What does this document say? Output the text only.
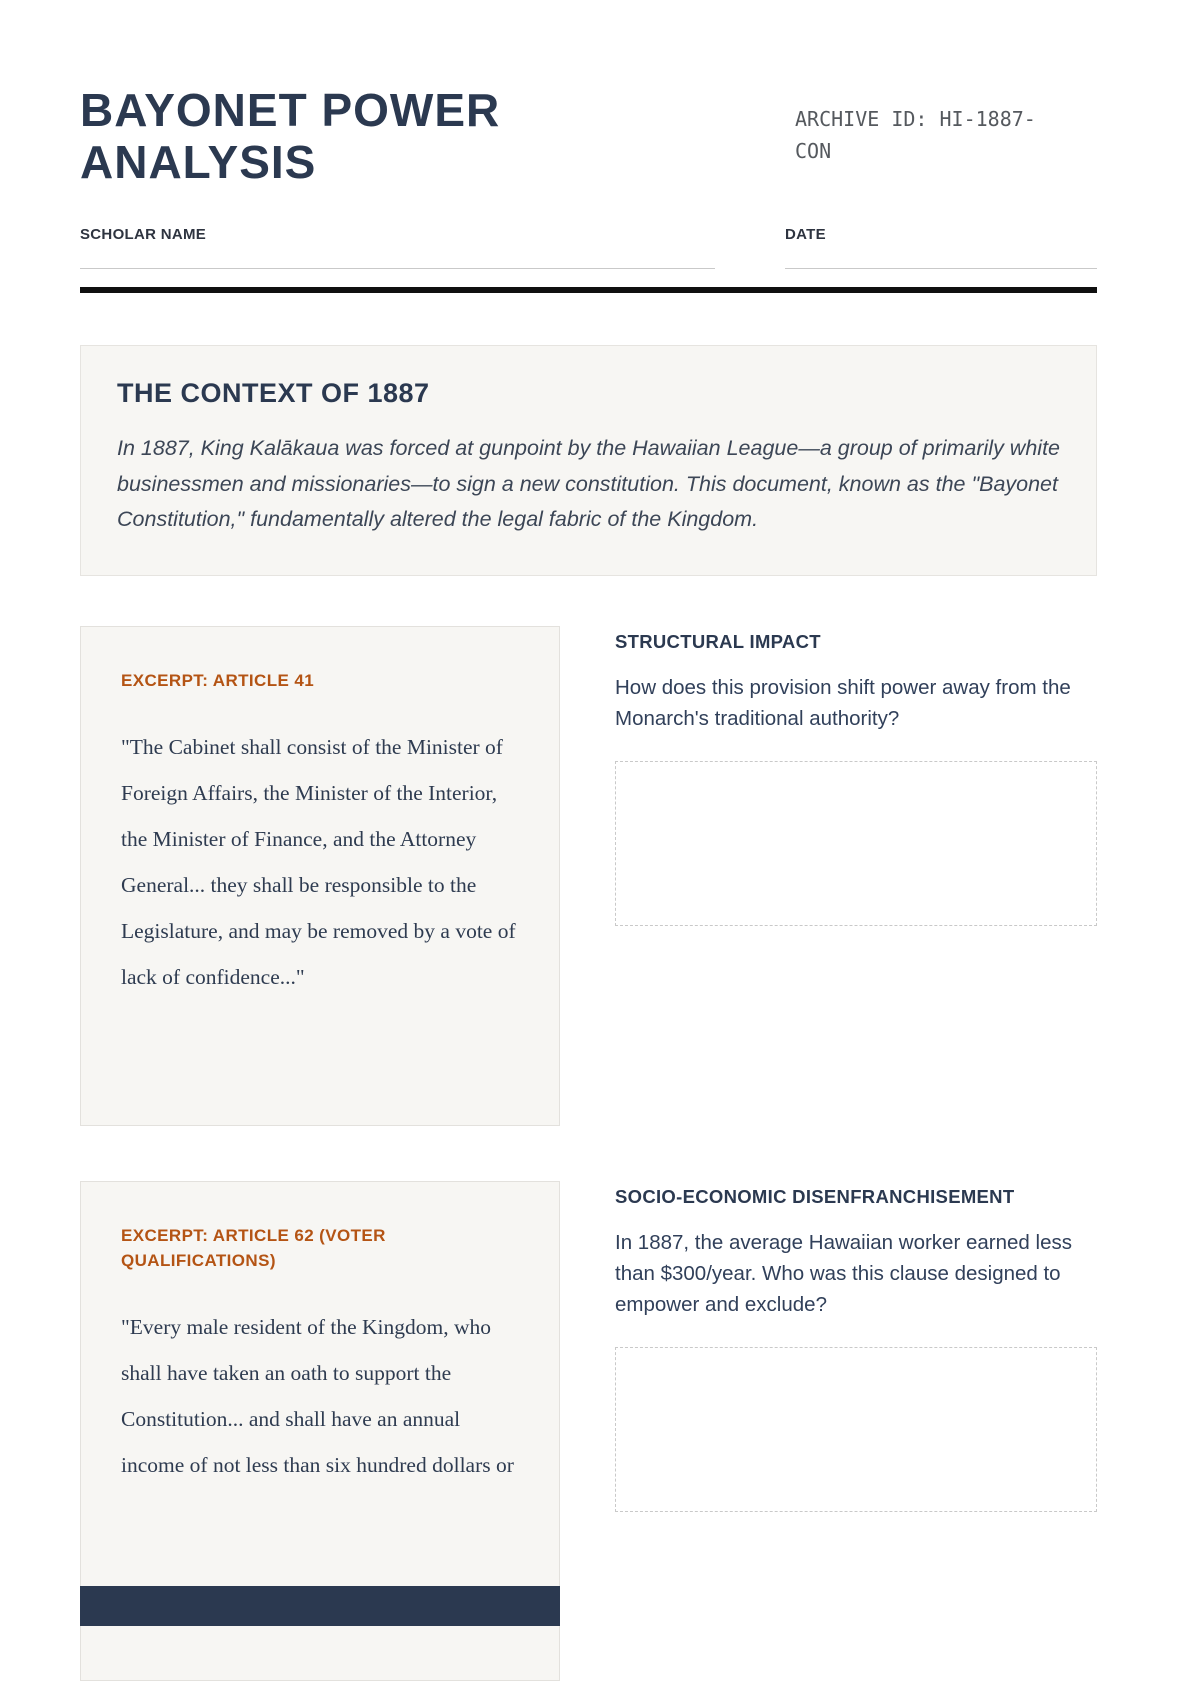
BAYONET POWER ANALYSIS
ARCHIVE ID: HI-1887-CON
SCHOLAR NAME	DATE
THE CONTEXT OF 1887

In 1887, King Kalākaua was forced at gunpoint by the Hawaiian League—a group of primarily white businessmen and missionaries—to sign a new constitution. This document, known as the "Bayonet Constitution," fundamentally altered the legal fabric of the Kingdom.

EXCERPT: ARTICLE 41

"The Cabinet shall consist of the Minister of Foreign Affairs, the Minister of the Interior, the Minister of Finance, and the Attorney General... they shall be responsible to the Legislature, and may be removed by a vote of lack of confidence..."

STRUCTURAL IMPACT

How does this provision shift power away from the Monarch's traditional authority?

EXCERPT: ARTICLE 62 (VOTER QUALIFICATIONS)

"Every male resident of the Kingdom, who shall have taken an oath to support the Constitution... and shall have an annual income of not less than six hundred dollars or

SOCIO-ECONOMIC DISENFRANCHISEMENT

In 1887, the average Hawaiian worker earned less than $300/year. Who was this clause designed to empower and exclude?
